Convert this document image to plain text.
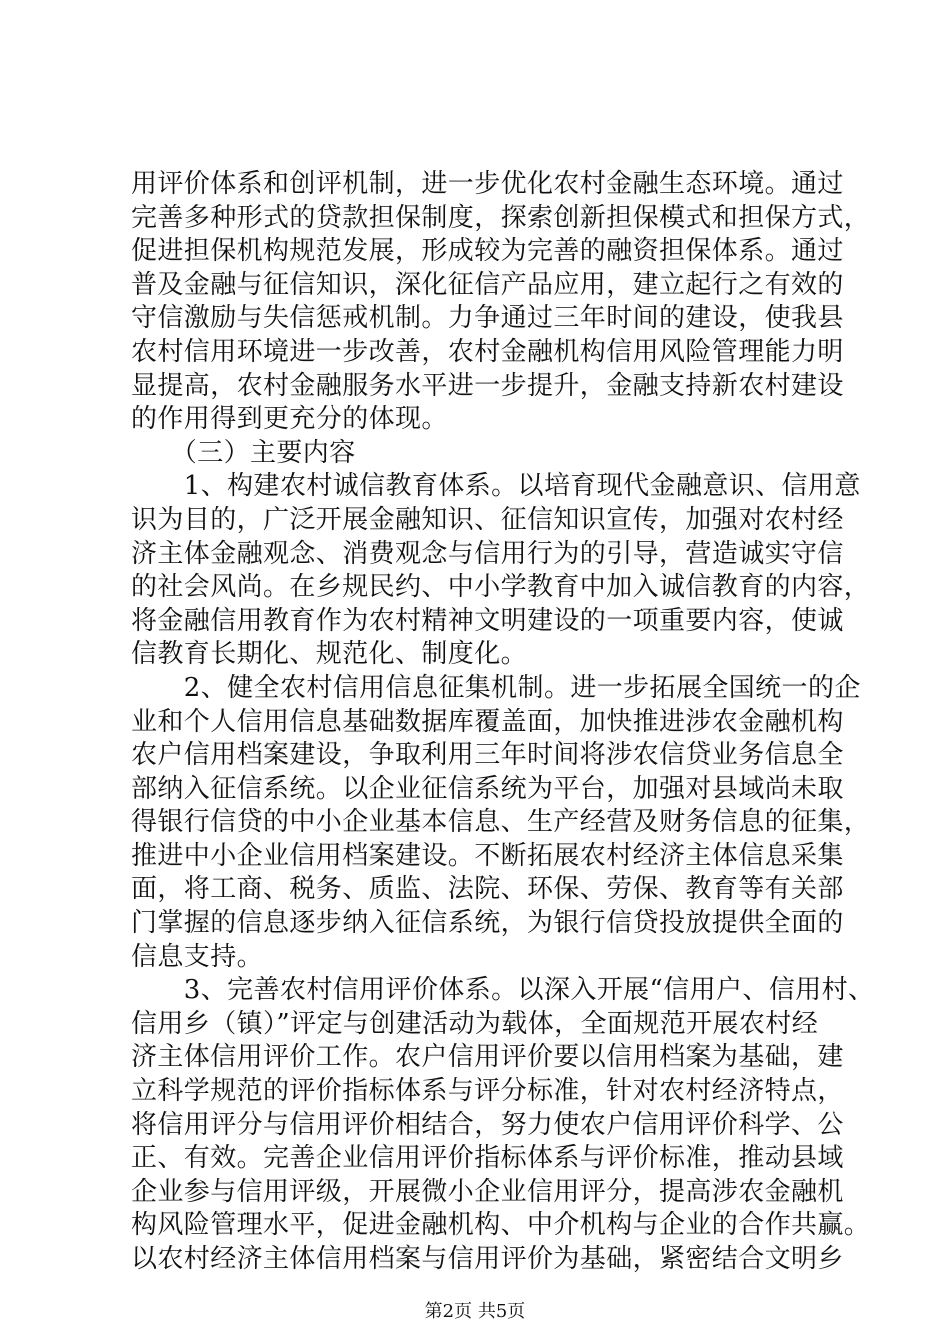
用评价体系和创评机制，进一步优化农村金融生态环境。通过
完善多种形式的贷款担保制度，探索创新担保模式和担保方式，
促进担保机构规范发展，形成较为完善的融资担保体系。通过
普及金融与征信知识，深化征信产品应用，建立起行之有效的
守信激励与失信惩戒机制。力争通过三年时间的建设，使我县
农村信用环境进一步改善，农村金融机构信用风险管理能力明
显提高，农村金融服务水平进一步提升，金融支持新农村建设
的作用得到更充分的体现。
　　（三）主要内容
　　1、构建农村诚信教育体系。以培育现代金融意识、信用意
识为目的，广泛开展金融知识、征信知识宣传，加强对农村经
济主体金融观念、消费观念与信用行为的引导，营造诚实守信
的社会风尚。在乡规民约、中小学教育中加入诚信教育的内容，
将金融信用教育作为农村精神文明建设的一项重要内容，使诚
信教育长期化、规范化、制度化。
　　2、健全农村信用信息征集机制。进一步拓展全国统一的企
业和个人信用信息基础数据库覆盖面，加快推进涉农金融机构
农户信用档案建设，争取利用三年时间将涉农信贷业务信息全
部纳入征信系统。以企业征信系统为平台，加强对县域尚未取
得银行信贷的中小企业基本信息、生产经营及财务信息的征集，
推进中小企业信用档案建设。不断拓展农村经济主体信息采集
面，将工商、税务、质监、法院、环保、劳保、教育等有关部
门掌握的信息逐步纳入征信系统，为银行信贷投放提供全面的
信息支持。
　　3、完善农村信用评价体系。以深入开展“信用户、信用村、
信用乡（镇）”评定与创建活动为载体，全面规范开展农村经
济主体信用评价工作。农户信用评价要以信用档案为基础，建
立科学规范的评价指标体系与评分标准，针对农村经济特点，
将信用评分与信用评价相结合，努力使农户信用评价科学、公
正、有效。完善企业信用评价指标体系与评价标准，推动县域
企业参与信用评级，开展微小企业信用评分，提高涉农金融机
构风险管理水平，促进金融机构、中介机构与企业的合作共赢。
以农村经济主体信用档案与信用评价为基础，紧密结合文明乡
第2页 共5页
